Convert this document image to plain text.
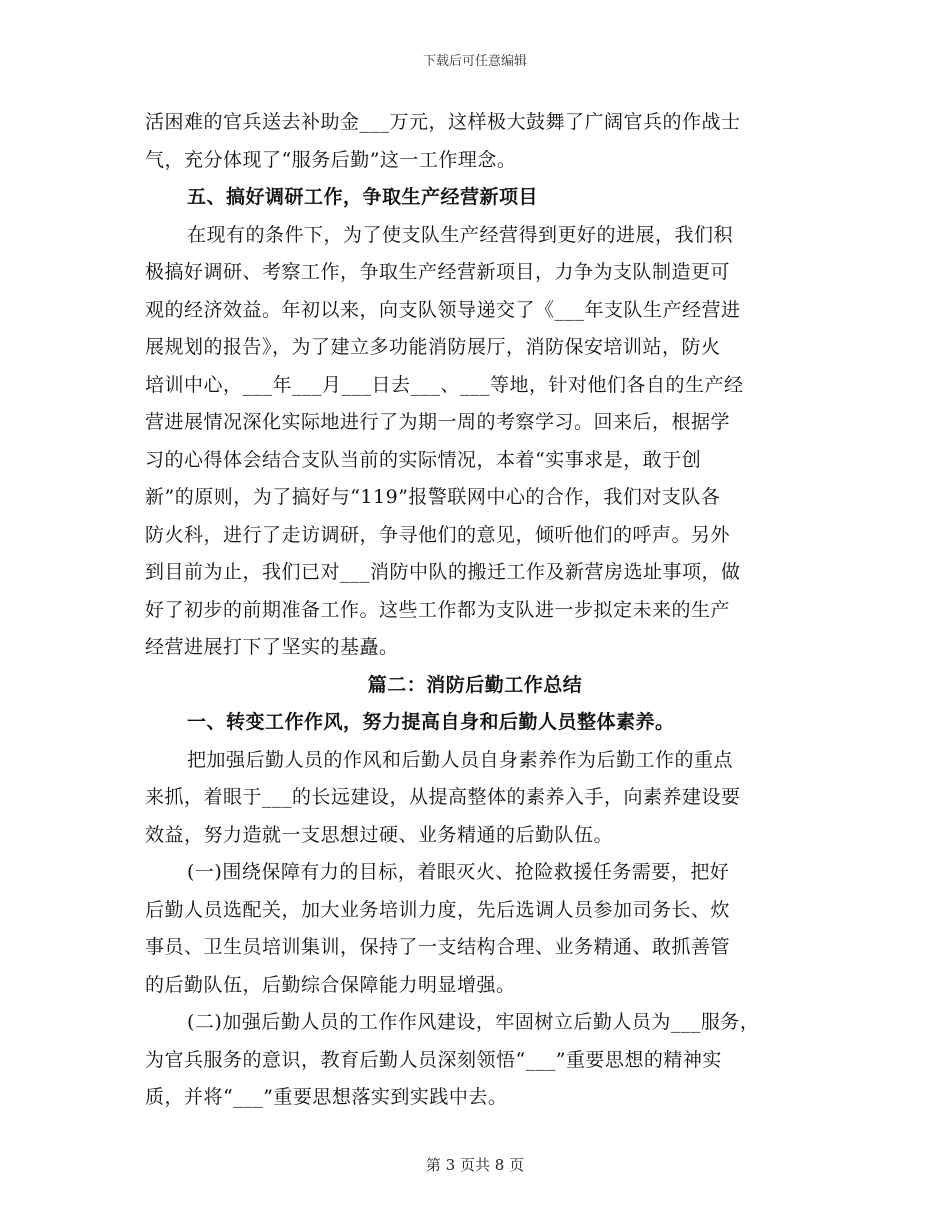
下载后可任意编辑
活困难的官兵送去补助金___万元，这样极大鼓舞了广阔官兵的作战士
气，充分体现了“服务后勤”这一工作理念。
五、搞好调研工作，争取生产经营新项目
在现有的条件下，为了使支队生产经营得到更好的进展，我们积
极搞好调研、考察工作，争取生产经营新项目，力争为支队制造更可
观的经济效益。年初以来，向支队领导递交了《___年支队生产经营进
展规划的报告》，为了建立多功能消防展厅，消防保安培训站，防火
培训中心，___年___月___日去___、___等地，针对他们各自的生产经
营进展情况深化实际地进行了为期一周的考察学习。回来后，根据学
习的心得体会结合支队当前的实际情况，本着“实事求是，敢于创
新”的原则，为了搞好与“119”报警联网中心的合作，我们对支队各
防火科，进行了走访调研，争寻他们的意见，倾听他们的呼声。另外
到目前为止，我们已对___消防中队的搬迁工作及新营房选址事项，做
好了初步的前期准备工作。这些工作都为支队进一步拟定未来的生产
经营进展打下了坚实的基矗。
篇二：消防后勤工作总结
一、转变工作作风，努力提高自身和后勤人员整体素养。
把加强后勤人员的作风和后勤人员自身素养作为后勤工作的重点
来抓，着眼于___的长远建设，从提高整体的素养入手，向素养建设要
效益，努力造就一支思想过硬、业务精通的后勤队伍。
(一)围绕保障有力的目标，着眼灭火、抢险救援任务需要，把好
后勤人员选配关，加大业务培训力度，先后选调人员参加司务长、炊
事员、卫生员培训集训，保持了一支结构合理、业务精通、敢抓善管
的后勤队伍，后勤综合保障能力明显增强。
(二)加强后勤人员的工作作风建设，牢固树立后勤人员为___服务，
为官兵服务的意识，教育后勤人员深刻领悟“___”重要思想的精神实
质，并将“___”重要思想落实到实践中去。
第 3 页共 8 页
